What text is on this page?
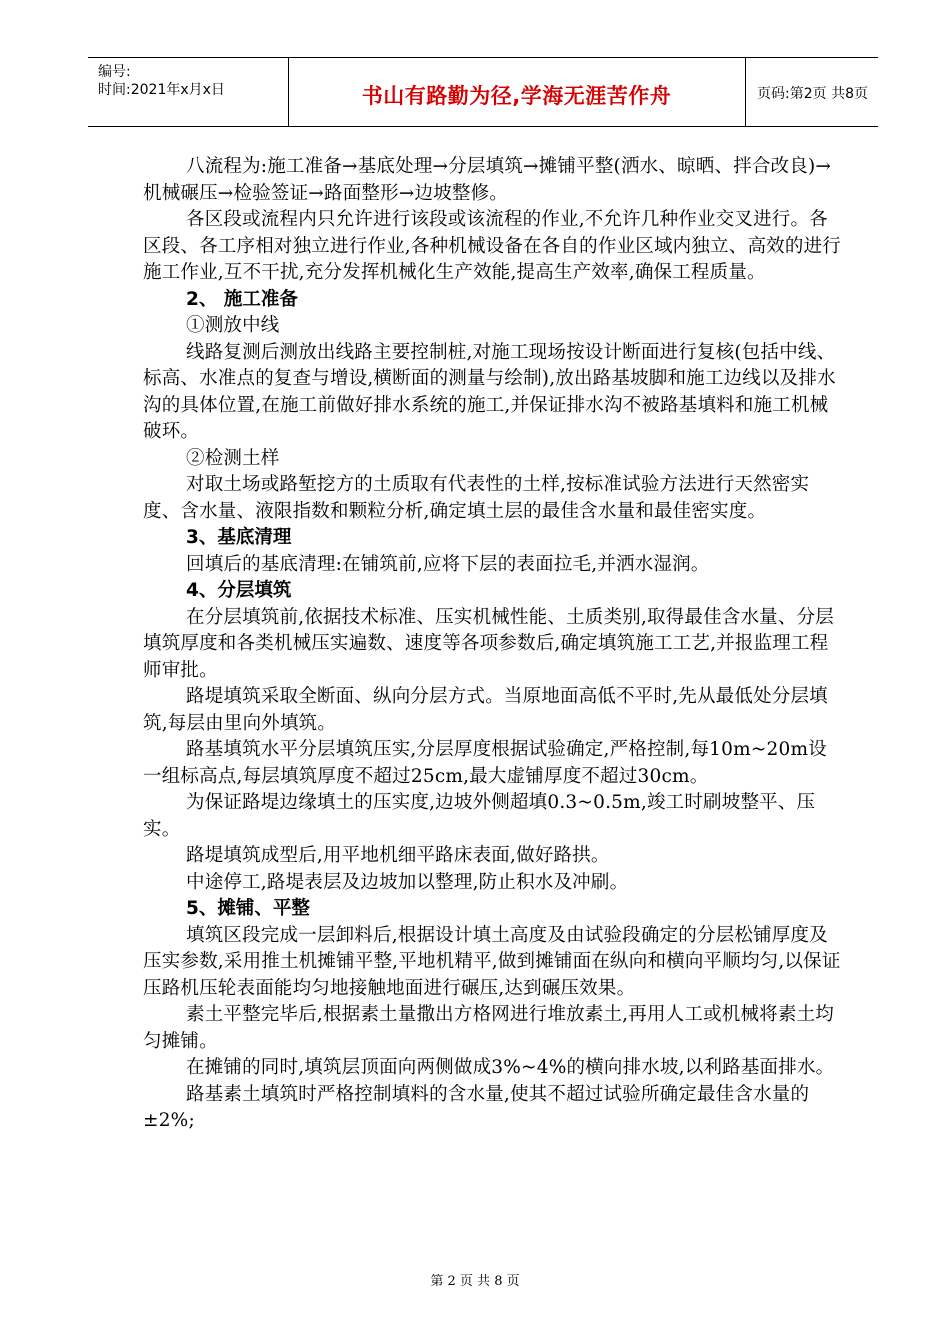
编号:
时间:2021年x月x日	书山有路勤为径,学海无涯苦作舟	页码:第2页 共8页

八流程为:施工准备→基底处理→分层填筑→摊铺平整(洒水、晾晒、拌合改良)→机械碾压→检验签证→路面整形→边坡整修。

各区段或流程内只允许进行该段或该流程的作业,不允许几种作业交叉进行。各区段、各工序相对独立进行作业,各种机械设备在各自的作业区域内独立、高效的进行施工作业,互不干扰,充分发挥机械化生产效能,提高生产效率,确保工程质量。

2、 施工准备

①测放中线

线路复测后测放出线路主要控制桩,对施工现场按设计断面进行复核(包括中线、标高、水准点的复查与增设,横断面的测量与绘制),放出路基坡脚和施工边线以及排水沟的具体位置,在施工前做好排水系统的施工,并保证排水沟不被路基填料和施工机械破环。

②检测土样

对取土场或路堑挖方的土质取有代表性的土样,按标准试验方法进行天然密实度、含水量、液限指数和颗粒分析,确定填土层的最佳含水量和最佳密实度。

3、基底清理

回填后的基底清理:在铺筑前,应将下层的表面拉毛,并洒水湿润。

4、分层填筑

在分层填筑前,依据技术标准、压实机械性能、土质类别,取得最佳含水量、分层填筑厚度和各类机械压实遍数、速度等各项参数后,确定填筑施工工艺,并报监理工程师审批。

路堤填筑采取全断面、纵向分层方式。当原地面高低不平时,先从最低处分层填筑,每层由里向外填筑。

路基填筑水平分层填筑压实,分层厚度根据试验确定,严格控制,每10m~20m设一组标高点,每层填筑厚度不超过25cm,最大虚铺厚度不超过30cm。

为保证路堤边缘填土的压实度,边坡外侧超填0.3~0.5m,竣工时刷坡整平、压实。

路堤填筑成型后,用平地机细平路床表面,做好路拱。

中途停工,路堤表层及边坡加以整理,防止积水及冲刷。

5、摊铺、平整

填筑区段完成一层卸料后,根据设计填土高度及由试验段确定的分层松铺厚度及压实参数,采用推土机摊铺平整,平地机精平,做到摊铺面在纵向和横向平顺均匀,以保证压路机压轮表面能均匀地接触地面进行碾压,达到碾压效果。

素土平整完毕后,根据素土量撒出方格网进行堆放素土,再用人工或机械将素土均匀摊铺。

在摊铺的同时,填筑层顶面向两侧做成3%~4%的横向排水坡,以利路基面排水。

路基素土填筑时严格控制填料的含水量,使其不超过试验所确定最佳含水量的±2%;

第 2 页 共 8 页
